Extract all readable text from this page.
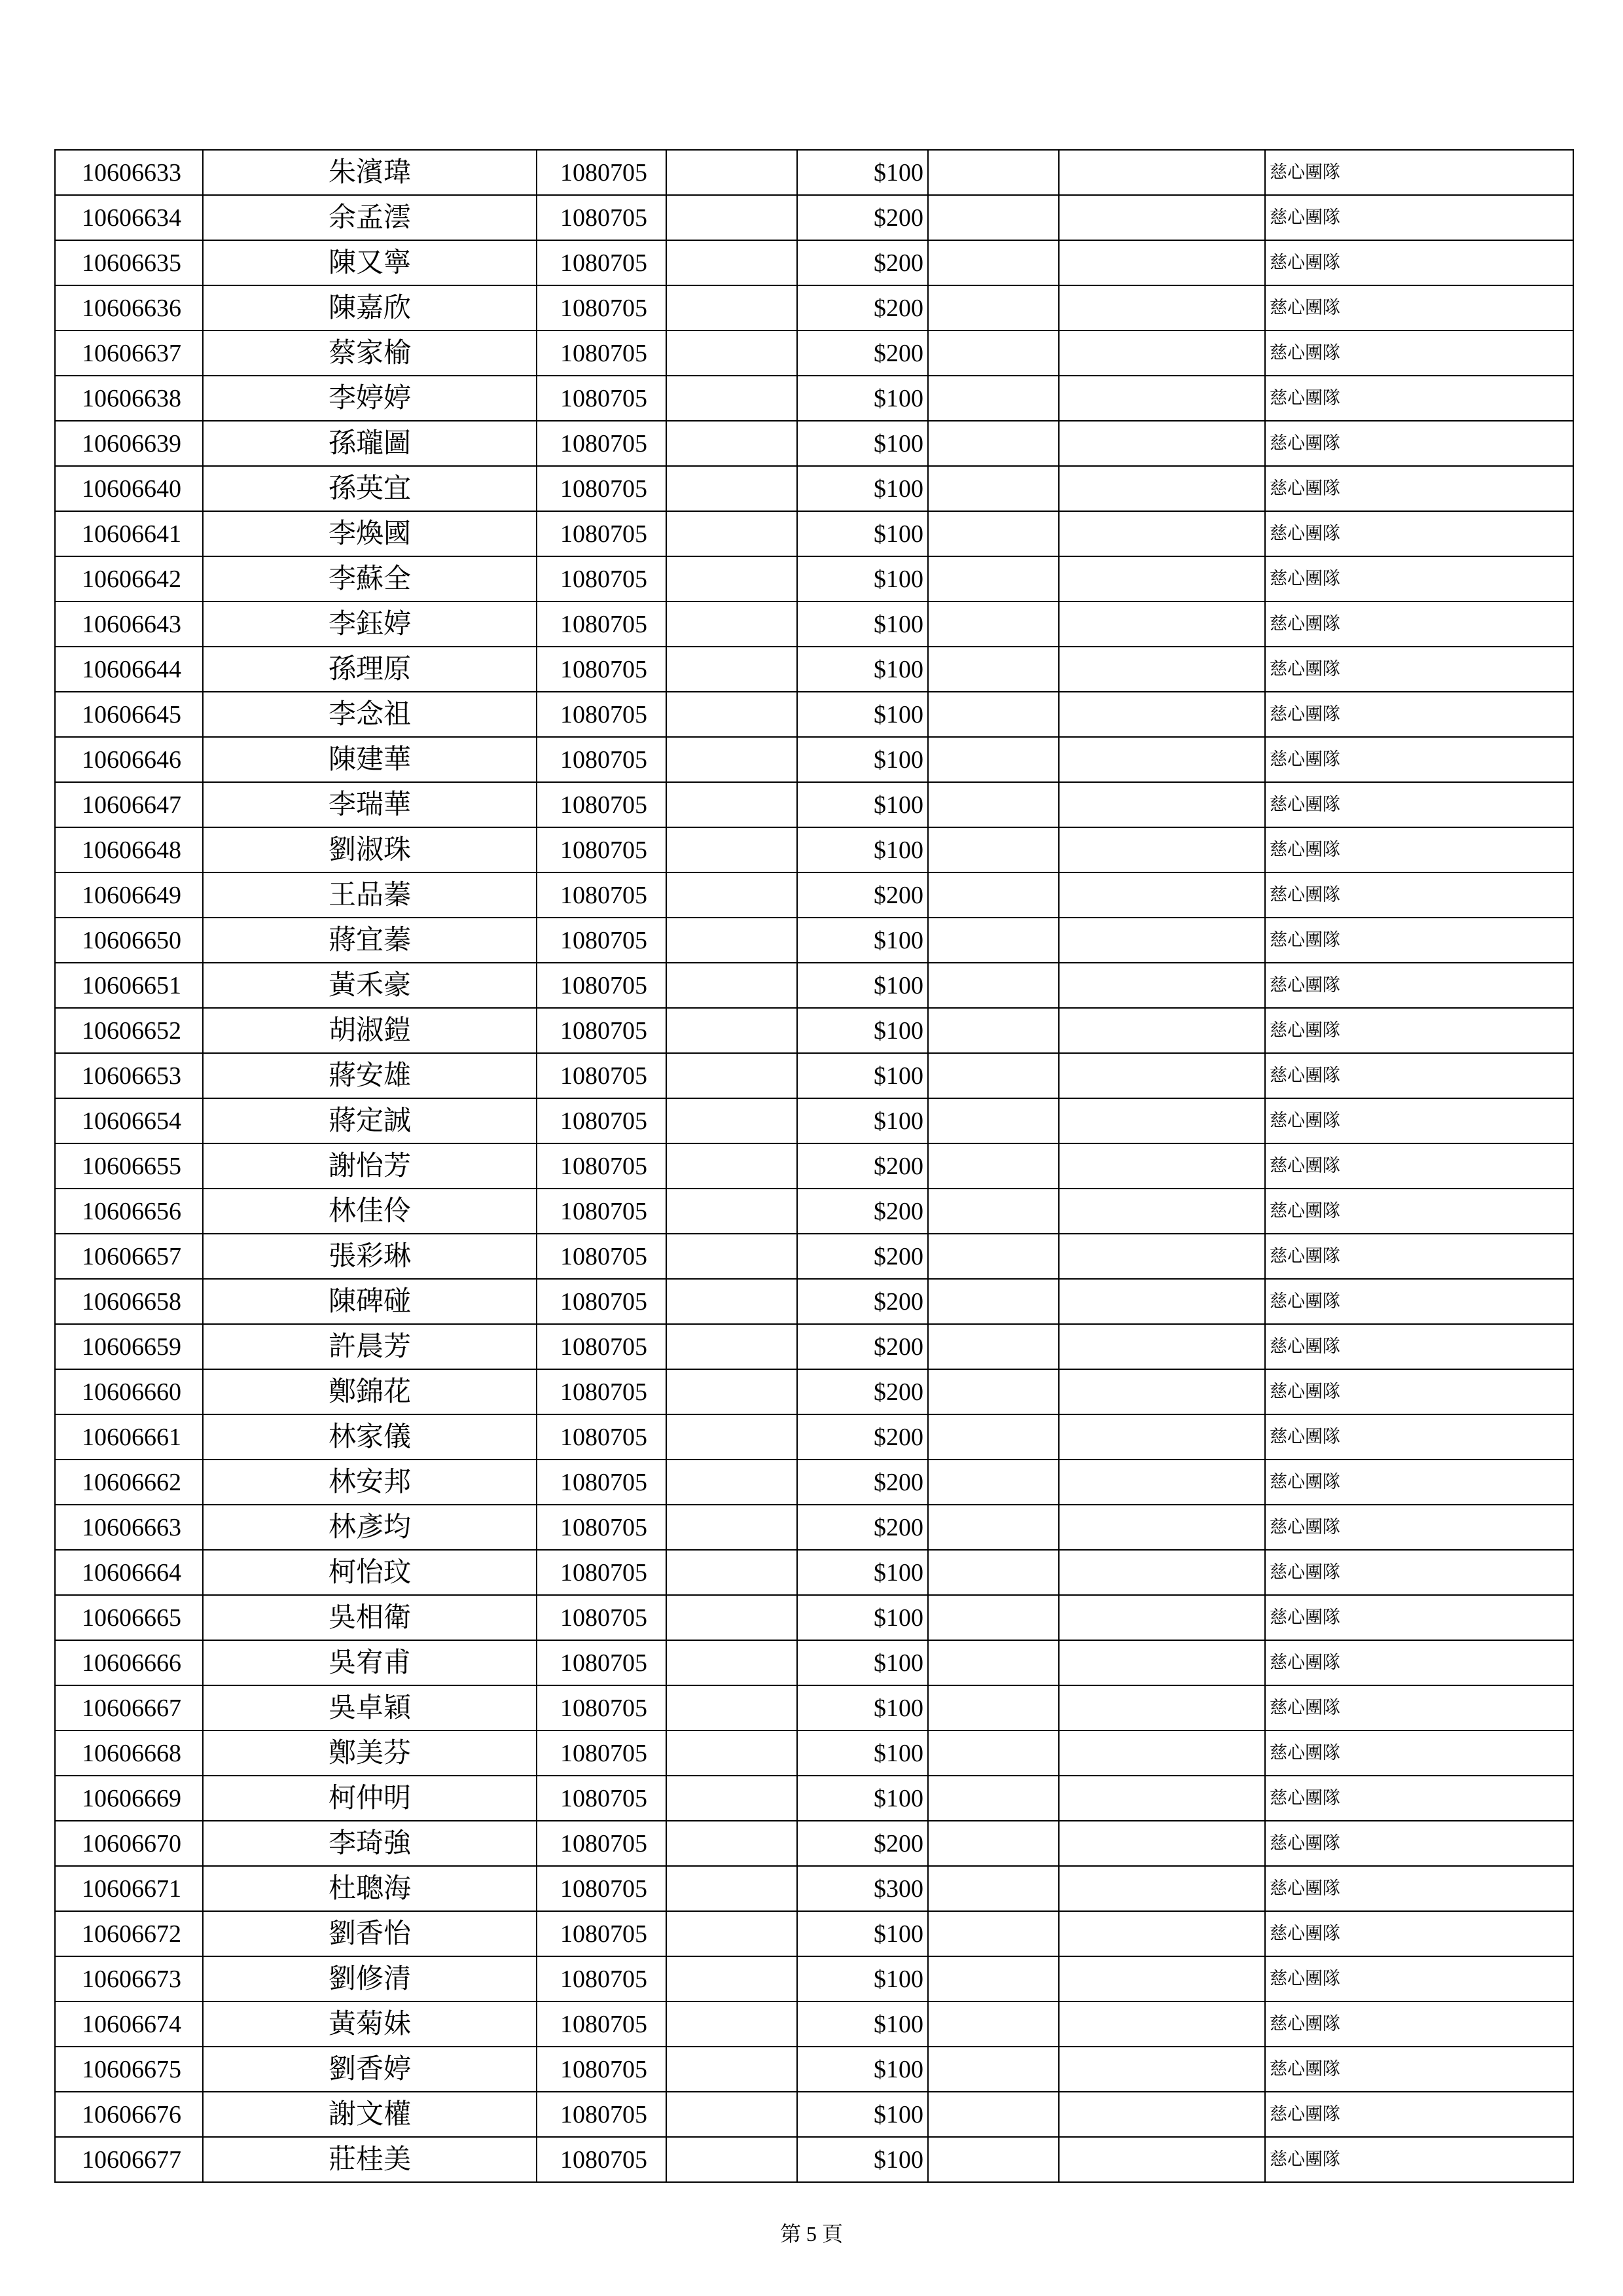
10606633	朱濱瑋	1080705		$100			慈心團隊
10606634	余孟澐	1080705		$200			慈心團隊
10606635	陳又寧	1080705		$200			慈心團隊
10606636	陳嘉欣	1080705		$200			慈心團隊
10606637	蔡家榆	1080705		$200			慈心團隊
10606638	李婷婷	1080705		$100			慈心團隊
10606639	孫瓏圖	1080705		$100			慈心團隊
10606640	孫英宜	1080705		$100			慈心團隊
10606641	李煥國	1080705		$100			慈心團隊
10606642	李蘇全	1080705		$100			慈心團隊
10606643	李鈺婷	1080705		$100			慈心團隊
10606644	孫理原	1080705		$100			慈心團隊
10606645	李念祖	1080705		$100			慈心團隊
10606646	陳建華	1080705		$100			慈心團隊
10606647	李瑞華	1080705		$100			慈心團隊
10606648	劉淑珠	1080705		$100			慈心團隊
10606649	王品蓁	1080705		$200			慈心團隊
10606650	蔣宜蓁	1080705		$100			慈心團隊
10606651	黃禾豪	1080705		$100			慈心團隊
10606652	胡淑鎧	1080705		$100			慈心團隊
10606653	蔣安雄	1080705		$100			慈心團隊
10606654	蔣定誠	1080705		$100			慈心團隊
10606655	謝怡芳	1080705		$200			慈心團隊
10606656	林佳伶	1080705		$200			慈心團隊
10606657	張彩琳	1080705		$200			慈心團隊
10606658	陳碑碰	1080705		$200			慈心團隊
10606659	許晨芳	1080705		$200			慈心團隊
10606660	鄭錦花	1080705		$200			慈心團隊
10606661	林家儀	1080705		$200			慈心團隊
10606662	林安邦	1080705		$200			慈心團隊
10606663	林彥均	1080705		$200			慈心團隊
10606664	柯怡玟	1080705		$100			慈心團隊
10606665	吳相衛	1080705		$100			慈心團隊
10606666	吳宥甫	1080705		$100			慈心團隊
10606667	吳卓穎	1080705		$100			慈心團隊
10606668	鄭美芬	1080705		$100			慈心團隊
10606669	柯仲明	1080705		$100			慈心團隊
10606670	李琦強	1080705		$200			慈心團隊
10606671	杜聰海	1080705		$300			慈心團隊
10606672	劉香怡	1080705		$100			慈心團隊
10606673	劉修清	1080705		$100			慈心團隊
10606674	黃菊妹	1080705		$100			慈心團隊
10606675	劉香婷	1080705		$100			慈心團隊
10606676	謝文權	1080705		$100			慈心團隊
10606677	莊桂美	1080705		$100			慈心團隊
第 5 頁
